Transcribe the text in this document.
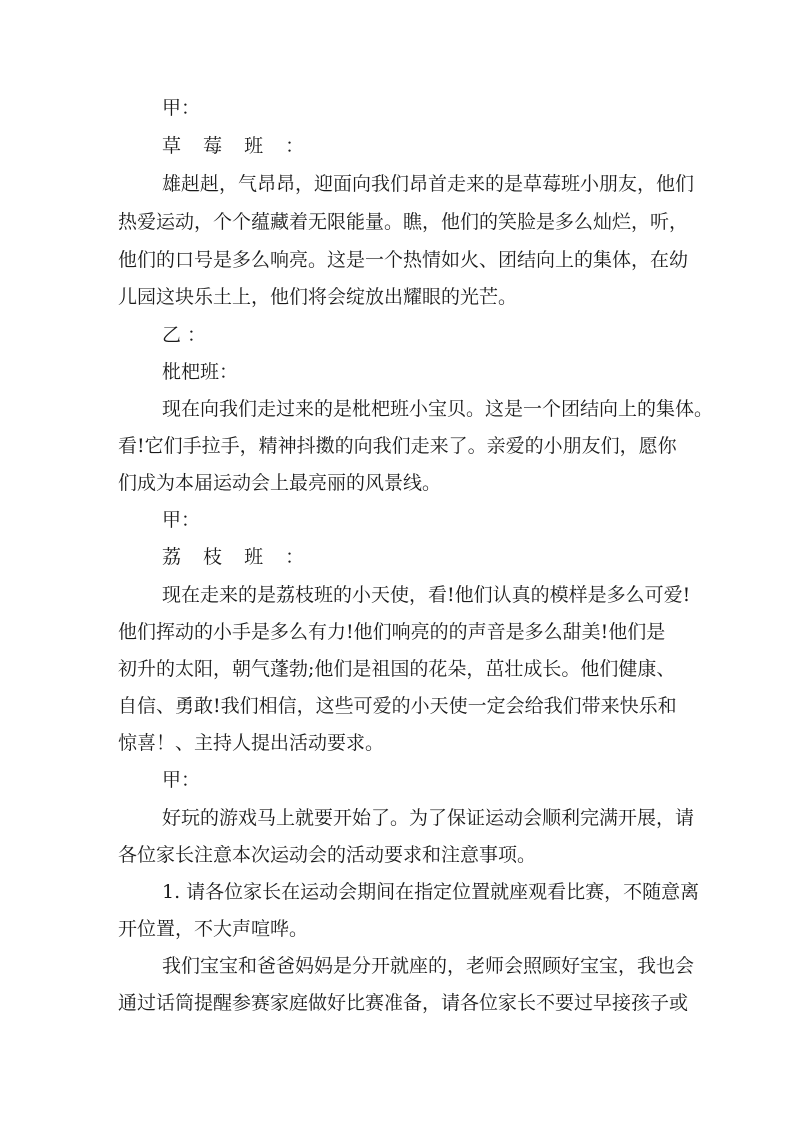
甲：
草 莓 班 ：
雄赳赳，气昂昂，迎面向我们昂首走来的是草莓班小朋友，他们
热爱运动，个个蕴藏着无限能量。瞧，他们的笑脸是多么灿烂，听，
他们的口号是多么响亮。这是一个热情如火、团结向上的集体，在幼
儿园这块乐土上，他们将会绽放出耀眼的光芒。
乙 ：
枇杷班：
现在向我们走过来的是枇杷班小宝贝。这是一个团结向上的集体。
看!它们手拉手，精神抖擞的向我们走来了。亲爱的小朋友们，愿你
们成为本届运动会上最亮丽的风景线。
甲：
荔 枝 班 ：
现在走来的是荔枝班的小天使，看!他们认真的模样是多么可爱!
他们挥动的小手是多么有力!他们响亮的的声音是多么甜美!他们是
初升的太阳，朝气蓬勃;他们是祖国的花朵，茁壮成长。他们健康、
自信、勇敢!我们相信，这些可爱的小天使一定会给我们带来快乐和
惊喜！、主持人提出活动要求。
甲：
好玩的游戏马上就要开始了。为了保证运动会顺利完满开展，请
各位家长注意本次运动会的活动要求和注意事项。
1. 请各位家长在运动会期间在指定位置就座观看比赛，不随意离
开位置，不大声喧哗。
我们宝宝和爸爸妈妈是分开就座的，老师会照顾好宝宝，我也会
通过话筒提醒参赛家庭做好比赛准备，请各位家长不要过早接孩子或
